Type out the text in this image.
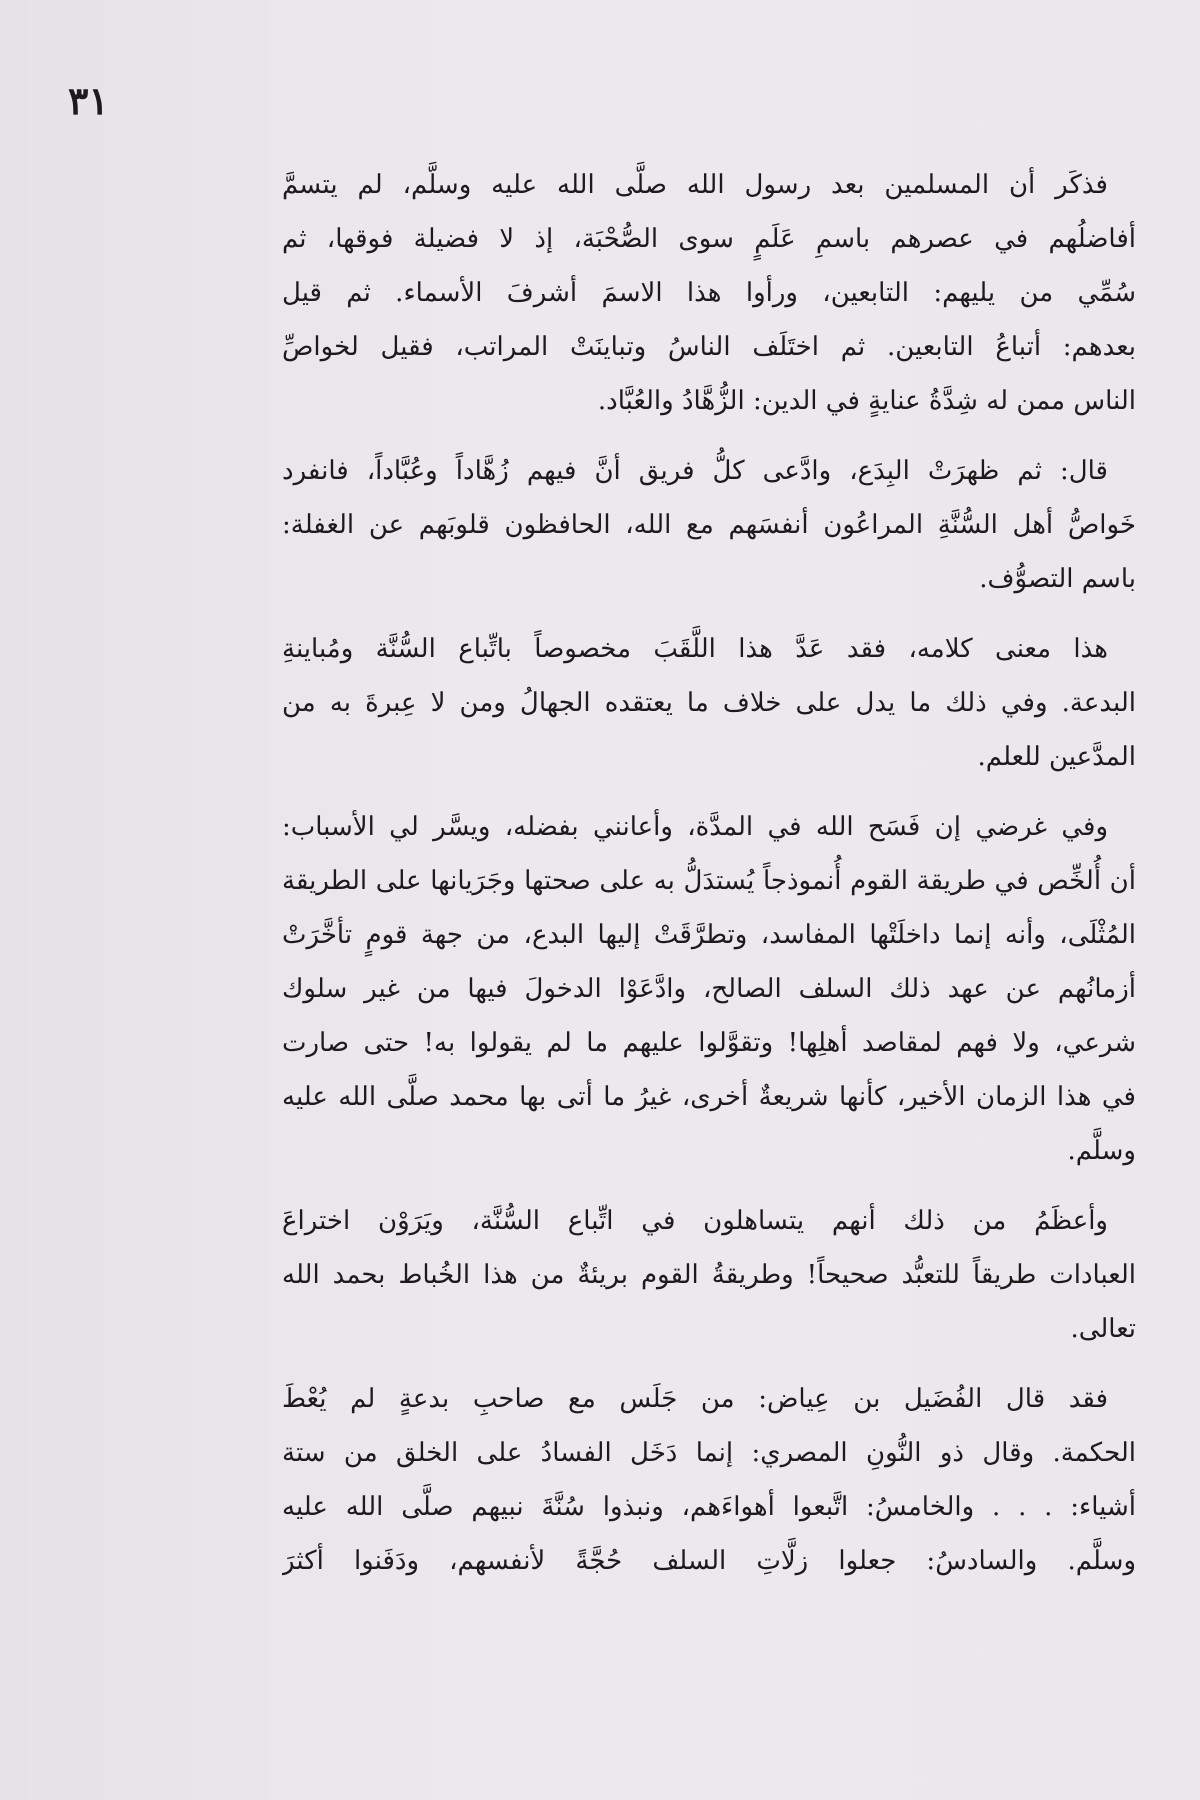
٣١
فذكَر أن المسلمين بعد رسول الله صلَّى الله عليه وسلَّم، لم يتسمَّ
أفاضلُهم في عصرهم باسمِ عَلَمٍ سوى الصُّحْبَة، إذ لا فضيلة فوقها، ثم
سُمِّي من يليهم: التابعين، ورأوا هذا الاسمَ أشرفَ الأسماء. ثم قيل
بعدهم: أتباعُ التابعين. ثم اختَلَف الناسُ وتباينَتْ المراتب، فقيل لخواصِّ
الناس ممن له شِدَّةُ عنايةٍ في الدين: الزُّهَّادُ والعُبَّاد.
قال: ثم ظهرَتْ البِدَع، وادَّعى كلُّ فريق أنَّ فيهم زُهَّاداً وعُبَّاداً، فانفرد
خَواصُّ أهل السُّنَّةِ المراعُون أنفسَهم مع الله، الحافظون قلوبَهم عن الغفلة:
باسم التصوُّف.
هذا معنى كلامه، فقد عَدَّ هذا اللَّقَبَ مخصوصاً باتِّباع السُّنَّة ومُباينةِ
البدعة. وفي ذلك ما يدل على خلاف ما يعتقده الجهالُ ومن لا عِبرةَ به من
المدَّعين للعلم.
وفي غرضي إن فَسَح الله في المدَّة، وأعانني بفضله، ويسَّر لي الأسباب:
أن أُلخِّص في طريقة القوم أُنموذجاً يُستدَلُّ به على صحتها وجَرَيانها على الطريقة
المُثْلَى، وأنه إنما داخلَتْها المفاسد، وتطرَّقَتْ إليها البدع، من جهة قومٍ تأخَّرَتْ
أزمانُهم عن عهد ذلك السلف الصالح، وادَّعَوْا الدخولَ فيها من غير سلوك
شرعي، ولا فهم لمقاصد أهلِها! وتقوَّلوا عليهم ما لم يقولوا به! حتى صارت
في هذا الزمان الأخير، كأنها شريعةٌ أخرى، غيرُ ما أتى بها محمد صلَّى الله عليه
وسلَّم.
وأعظَمُ من ذلك أنهم يتساهلون في اتِّباع السُّنَّة، ويَرَوْن اختراعَ
العبادات طريقاً للتعبُّد صحيحاً! وطريقةُ القوم بريئةٌ من هذا الخُباط بحمد الله
تعالى.
فقد قال الفُضَيل بن عِياض: من جَلَس مع صاحبِ بدعةٍ لم يُعْطَ
الحكمة. وقال ذو النُّونِ المصري: إنما دَخَل الفسادُ على الخلق من ستة
أشياء: . . . والخامسُ: اتَّبعوا أهواءَهم، ونبذوا سُنَّةَ نبيهم صلَّى الله عليه
وسلَّم. والسادسُ: جعلوا زلَّاتِ السلف حُجَّةً لأنفسهم، ودَفَنوا أكثرَ
